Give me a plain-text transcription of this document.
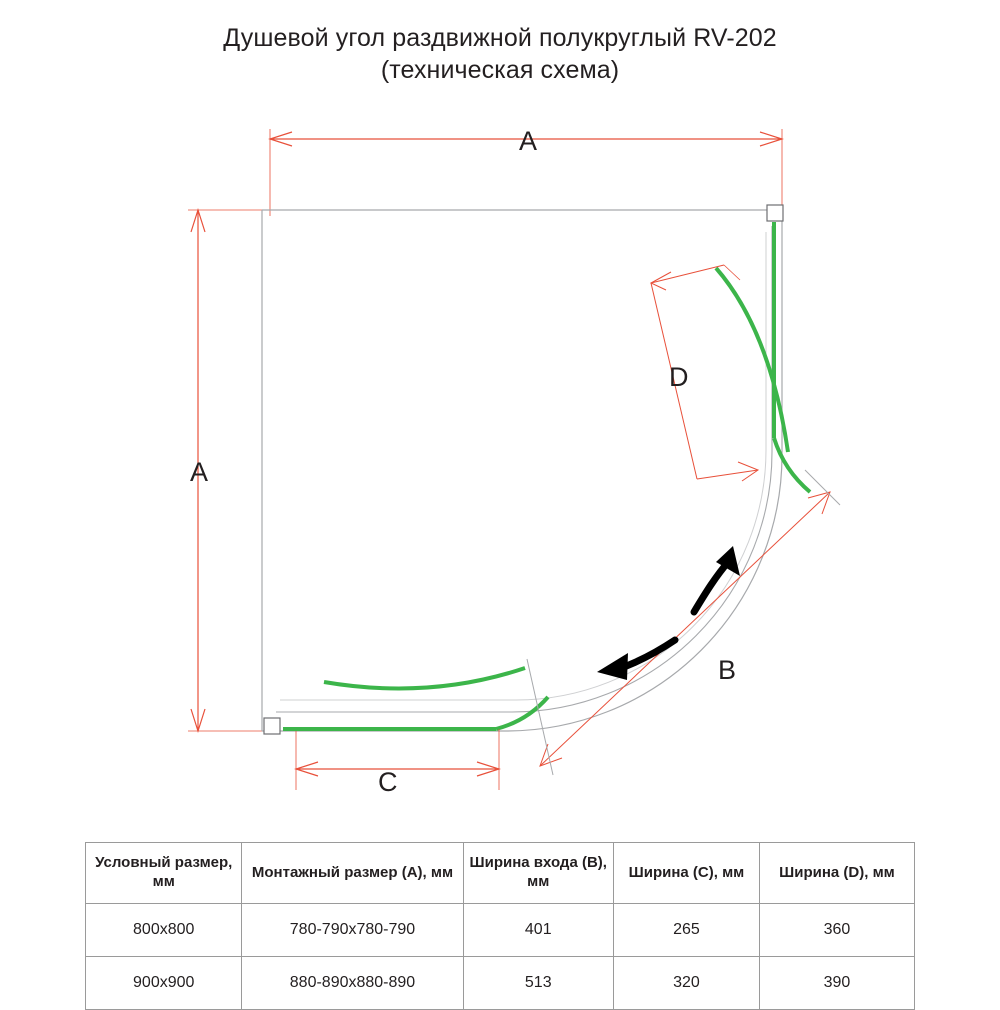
Душевой угол раздвижной полукруглый RV-202
(техническая схема)
A
A
D
B
C
Условный размер, мм	Монтажный размер (A), мм	Ширина входа (B), мм	Ширина (C), мм	Ширина (D), мм
800x800	780-790x780-790	401	265	360
900x900	880-890x880-890	513	320	390
